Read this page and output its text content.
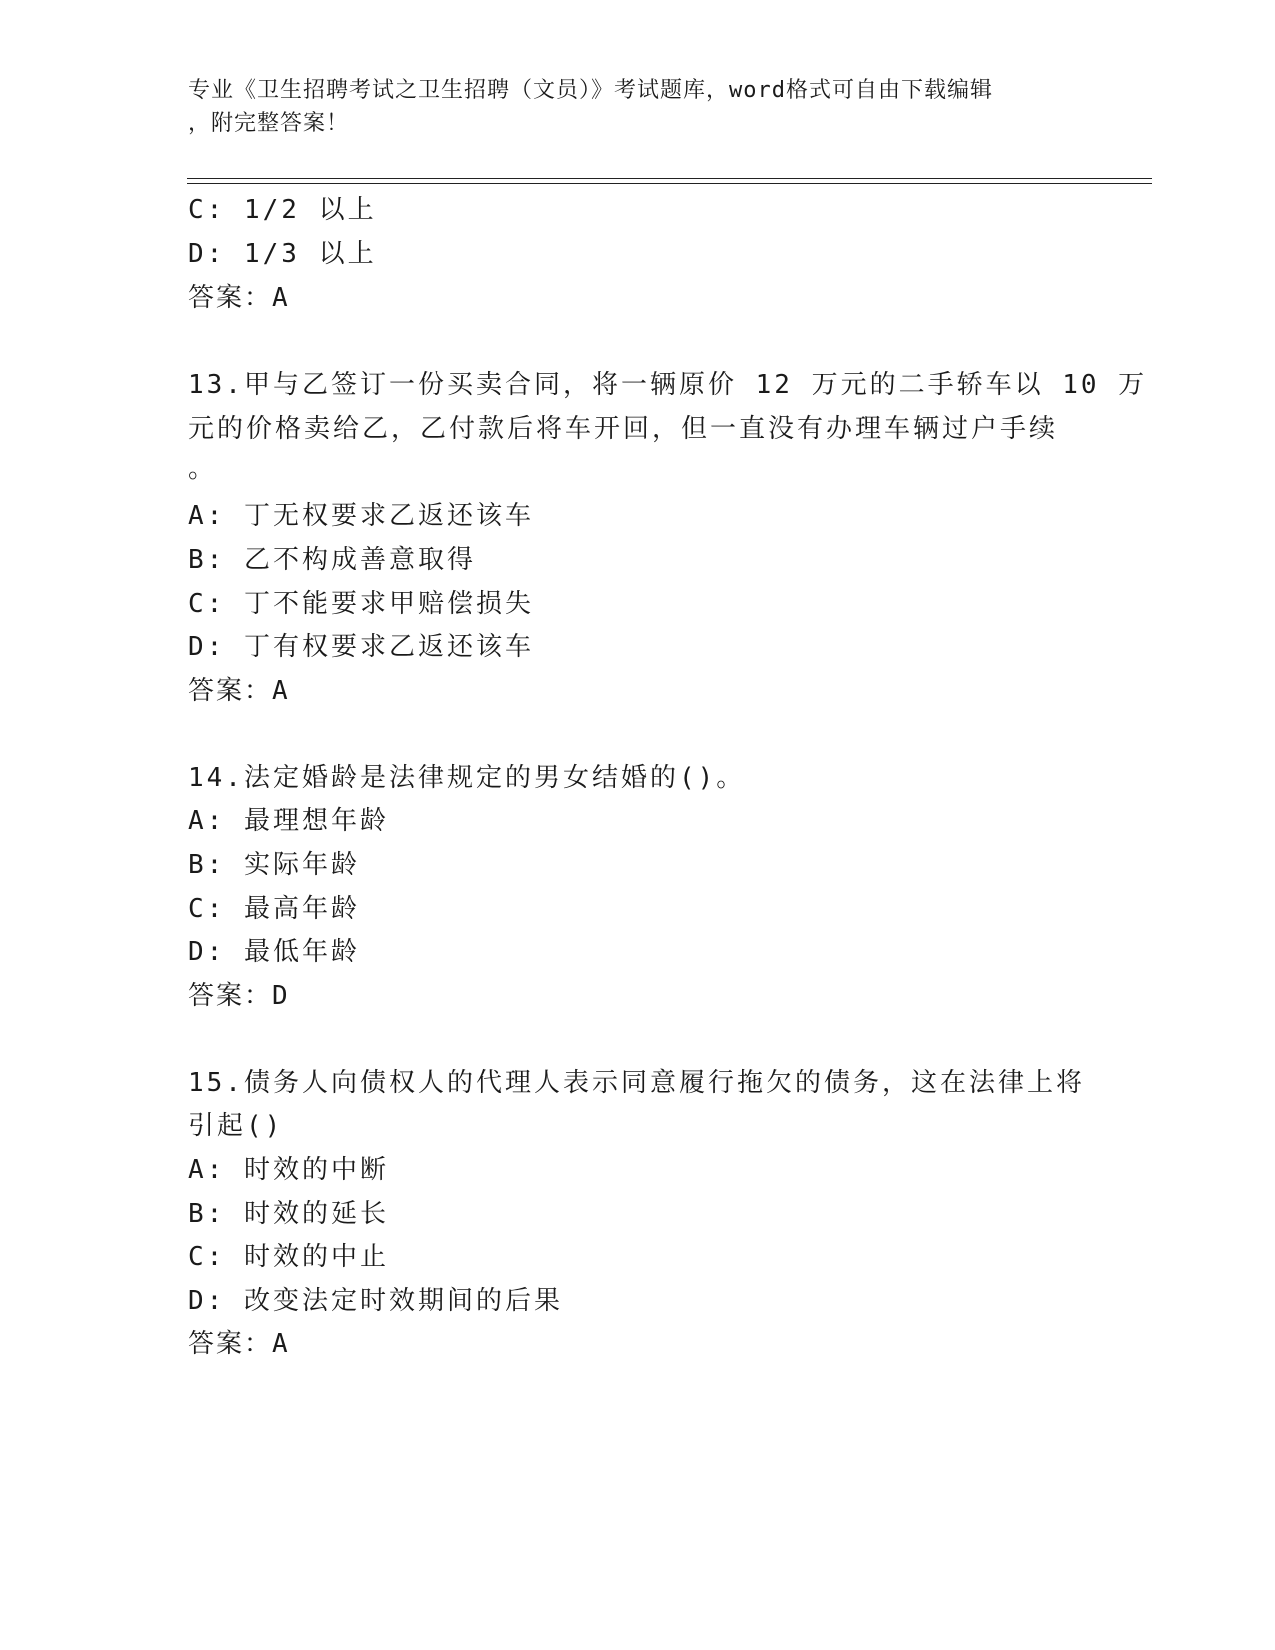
专业《卫生招聘考试之卫生招聘（文员）》考试题库，word格式可自由下载编辑
，附完整答案！
C: 1/2 以上
D: 1/3 以上
答案：A
13.甲与乙签订一份买卖合同，将一辆原价 12 万元的二手轿车以 10 万
元的价格卖给乙，乙付款后将车开回，但一直没有办理车辆过户手续
。
A: 丁无权要求乙返还该车
B: 乙不构成善意取得
C: 丁不能要求甲赔偿损失
D: 丁有权要求乙返还该车
答案：A
14.法定婚龄是法律规定的男女结婚的()。
A: 最理想年龄
B: 实际年龄
C: 最高年龄
D: 最低年龄
答案：D
15.债务人向债权人的代理人表示同意履行拖欠的债务，这在法律上将
引起()
A: 时效的中断
B: 时效的延长
C: 时效的中止
D: 改变法定时效期间的后果
答案：A
